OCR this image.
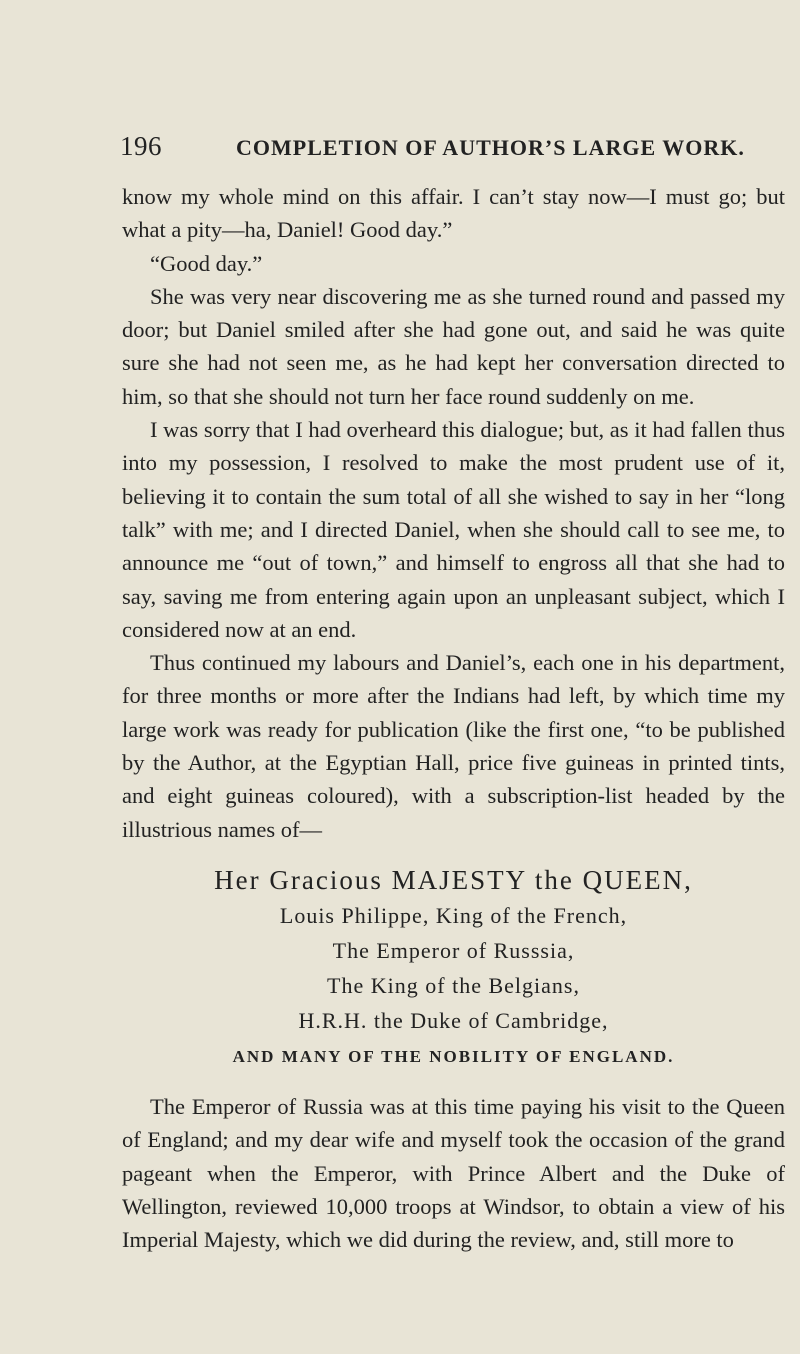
196	COMPLETION OF AUTHOR’S LARGE WORK.

know my whole mind on this affair. I can’t stay now—I must go; but what a pity—ha, Daniel! Good day.”

“Good day.”

She was very near discovering me as she turned round and passed my door; but Daniel smiled after she had gone out, and said he was quite sure she had not seen me, as he had kept her conversation directed to him, so that she should not turn her face round suddenly on me.

I was sorry that I had overheard this dialogue; but, as it had fallen thus into my possession, I resolved to make the most prudent use of it, believing it to contain the sum total of all she wished to say in her “long talk” with me; and I directed Daniel, when she should call to see me, to announce me “out of town,” and himself to engross all that she had to say, saving me from entering again upon an unpleasant subject, which I considered now at an end.

Thus continued my labours and Daniel’s, each one in his department, for three months or more after the Indians had left, by which time my large work was ready for publication (like the first one, “to be published by the Author, at the Egyptian Hall, price five guineas in printed tints, and eight guineas coloured), with a subscription-list headed by the illustrious names of—

Her Gracious MAJESTY the QUEEN,
Louis Philippe, King of the French,
The Emperor of Russsia,
The King of the Belgians,
H.R.H. the Duke of Cambridge,
AND MANY OF THE NOBILITY OF ENGLAND.

The Emperor of Russia was at this time paying his visit to the Queen of England; and my dear wife and myself took the occasion of the grand pageant when the Emperor, with Prince Albert and the Duke of Wellington, reviewed 10,000 troops at Windsor, to obtain a view of his Imperial Majesty, which we did during the review, and, still more to
